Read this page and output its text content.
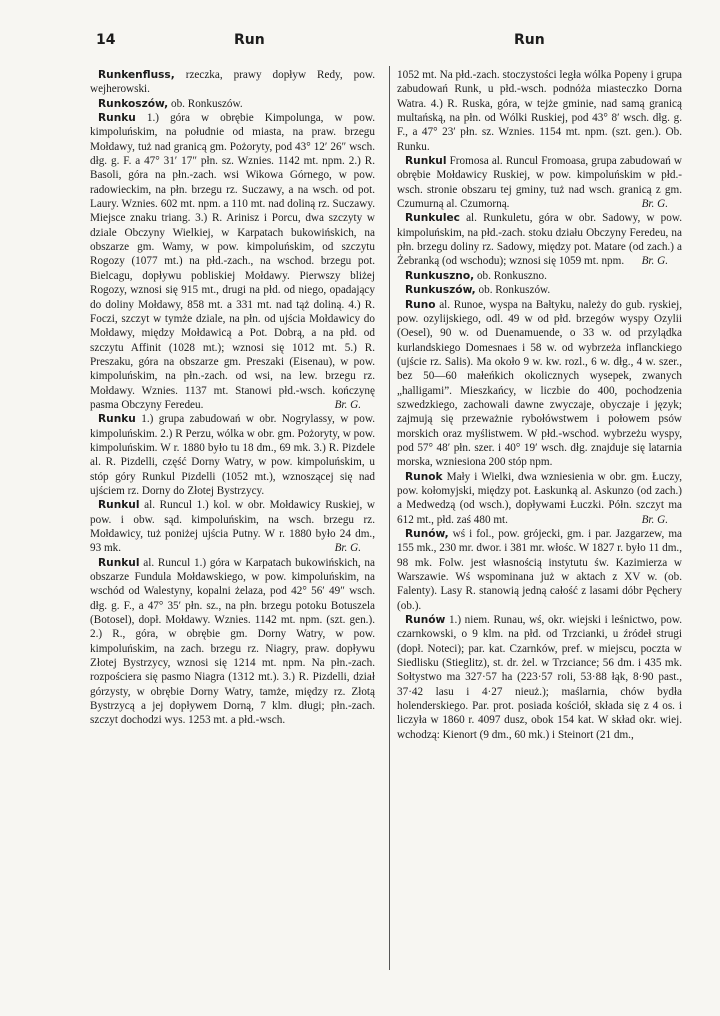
14	Run	Run

Runkenfluss, rzeczka, prawy dopływ Redy, pow. wejherowski.

Runkoszów, ob. Ronkuszów.

Runku 1.) góra w obrębie Kimpolunga, w pow. kimpoluńskim, na południe od miasta, na praw. brzegu Mołdawy, tuż nad granicą gm. Pożoryty, pod 43° 12′ 26″ wsch. dłg. g. F. a 47° 31′ 17″ płn. sz. Wznies. 1142 mt. npm. 2.) R. Basoli, góra na płn.-zach. wsi Wikowa Górnego, w pow. radowieckim, na płn. brzegu rz. Suczawy, a na wsch. od pot. Laury. Wznies. 602 mt. npm. a 110 mt. nad doliną rz. Suczawy. Miejsce znaku triang. 3.) R. Arinisz i Porcu, dwa szczyty w dziale Obczyny Wielkiej, w Karpatach bukowińskich, na obszarze gm. Wamy, w pow. kimpoluńskim, od szczytu Rogozy (1077 mt.) na płd.-zach., na wschod. brzegu pot. Bielcagu, dopływu pobliskiej Mołdawy. Pierwszy bliżej Rogozy, wznosi się 915 mt., drugi na płd. od niego, opadający do doliny Mołdawy, 858 mt. a 331 mt. nad tąż doliną. 4.) R. Foczi, szczyt w tymże dziale, na płn. od ujścia Mołdawicy do Mołdawy, między Mołdawicą a Pot. Dobrą, a na płd. od szczytu Affinit (1028 mt.); wznosi się 1012 mt. 5.) R. Preszaku, góra na obszarze gm. Preszaki (Eisenau), w pow. kimpoluńskim, na płn.-zach. od wsi, na lew. brzegu rz. Mołdawy. Wznies. 1137 mt. Stanowi płd.-wsch. kończynę pasma Obczyny Feredeu.	Br. G.

Runku 1.) grupa zabudowań w obr. Nogrylassy, w pow. kimpoluńskim. 2.) R Perzu, wólka w obr. gm. Pożoryty, w pow. kimpoluńskim. W r. 1880 było tu 18 dm., 69 mk. 3.) R. Pizdele al. R. Pizdelli, część Dorny Watry, w pow. kimpoluńskim, u stóp góry Runkul Pizdelli (1052 mt.), wznoszącej się nad ujściem rz. Dorny do Złotej Bystrzycy.

Runkul al. Runcul 1.) kol. w obr. Mołdawicy Ruskiej, w pow. i obw. sąd. kimpoluńskim, na wsch. brzegu rz. Mołdawicy, tuż poniżej ujścia Putny. W r. 1880 było 24 dm., 93 mk.	Br. G.

Runkul al. Runcul 1.) góra w Karpatach bukowińskich, na obszarze Fundula Mołdawskiego, w pow. kimpoluńskim, na wschód od Walestyny, kopalni żelaza, pod 42° 56′ 49″ wsch. dłg. g. F., a 47° 35′ płn. sz., na płn. brzegu potoku Botuszela (Botosel), dopł. Mołdawy. Wznies. 1142 mt. npm. (szt. gen.). 2.) R., góra, w obrębie gm. Dorny Watry, w pow. kimpoluńskim, na zach. brzegu rz. Niagry, praw. dopływu Złotej Bystrzycy, wznosi się 1214 mt. npm. Na płn.-zach. rozpościera się pasmo Niagra (1312 mt.). 3.) R. Pizdelli, dział górzysty, w obrębie Dorny Watry, tamże, między rz. Złotą Bystrzycą a jej dopływem Dorną, 7 klm. długi; płn.-zach. szczyt dochodzi wys. 1253 mt. a płd.-wsch.

1052 mt. Na płd.-zach. stoczystości legła wólka Popeny i grupa zabudowań Runk, u płd.-wsch. podnóża miasteczko Dorna Watra. 4.) R. Ruska, góra, w tejże gminie, nad samą granicą multańską, na płn. od Wólki Ruskiej, pod 43° 8′ wsch. dłg. g. F., a 47° 23′ płn. sz. Wznies. 1154 mt. npm. (szt. gen.). Ob. Runku.

Runkul Fromosa al. Runcul Fromoasa, grupa zabudowań w obrębie Mołdawicy Ruskiej, w pow. kimpoluńskim w płd.-wsch. stronie obszaru tej gminy, tuż nad wsch. granicą z gm. Czumurną al. Czumorną.	Br. G.

Runkulec al. Runkuletu, góra w obr. Sadowy, w pow. kimpoluńskim, na płd.-zach. stoku działu Obczyny Feredeu, na płn. brzegu doliny rz. Sadowy, między pot. Matare (od zach.) a Żebranką (od wschodu); wznosi się 1059 mt. npm.	Br. G.

Runkuszno, ob. Ronkuszno.

Runkuszów, ob. Ronkuszów.

Runo al. Runoe, wyspa na Bałtyku, należy do gub. ryskiej, pow. ozylijskiego, odl. 49 w od płd. brzegów wyspy Ozylii (Oesel), 90 w. od Duenamuende, o 33 w. od przylądka kurlandskiego Domesnaes i 58 w. od wybrzeża inflanckiego (ujście rz. Salis). Ma około 9 w. kw. rozl., 6 w. dłg., 4 w. szer., bez 50—60 małeńkich okolicznych wysepek, zwanych „halligami”. Mieszkańcy, w liczbie do 400, pochodzenia szwedzkiego, zachowali dawne zwyczaje, obyczaje i język; zajmują się przeważnie rybołówstwem i połowem psów morskich oraz myślistwem. W płd.-wschod. wybrzeżu wyspy, pod 57° 48′ płn. szer. i 40° 19′ wsch. dłg. znajduje się latarnia morska, wzniesiona 200 stóp npm.

Runok Mały i Wielki, dwa wzniesienia w obr. gm. Łuczy, pow. kołomyjski, między pot. Łaskunką al. Askunzo (od zach.) a Medwedzą (od wsch.), dopływami Łuczki. Półn. szczyt ma 612 mt., płd. zaś 480 mt.	Br. G.

Runów, wś i fol., pow. grójecki, gm. i par. Jazgarzew, ma 155 mk., 230 mr. dwor. i 381 mr. włośc. W 1827 r. było 11 dm., 98 mk. Folw. jest własnością instytutu św. Kazimierza w Warszawie. Wś wspominana już w aktach z XV w. (ob. Falenty). Lasy R. stanowią jedną całość z lasami dóbr Pęchery (ob.).

Runów 1.) niem. Runau, wś, okr. wiejski i leśnictwo, pow. czarnkowski, o 9 klm. na płd. od Trzcianki, u źródeł strugi (dopł. Noteci); par. kat. Czarnków, pref. w miejscu, poczta w Siedlisku (Stieglitz), st. dr. żel. w Trzciance; 56 dm. i 435 mk. Sołtystwo ma 327·57 ha (223·57 roli, 53·88 łąk, 8·90 past., 37·42 lasu i 4·27 nieuż.); maślarnia, chów bydła holenderskiego. Par. prot. posiada kościół, składa się z 4 os. i liczyła w 1860 r. 4097 dusz, obok 154 kat. W skład okr. wiej. wchodzą: Kienort (9 dm., 60 mk.) i Steinort (21 dm.,
